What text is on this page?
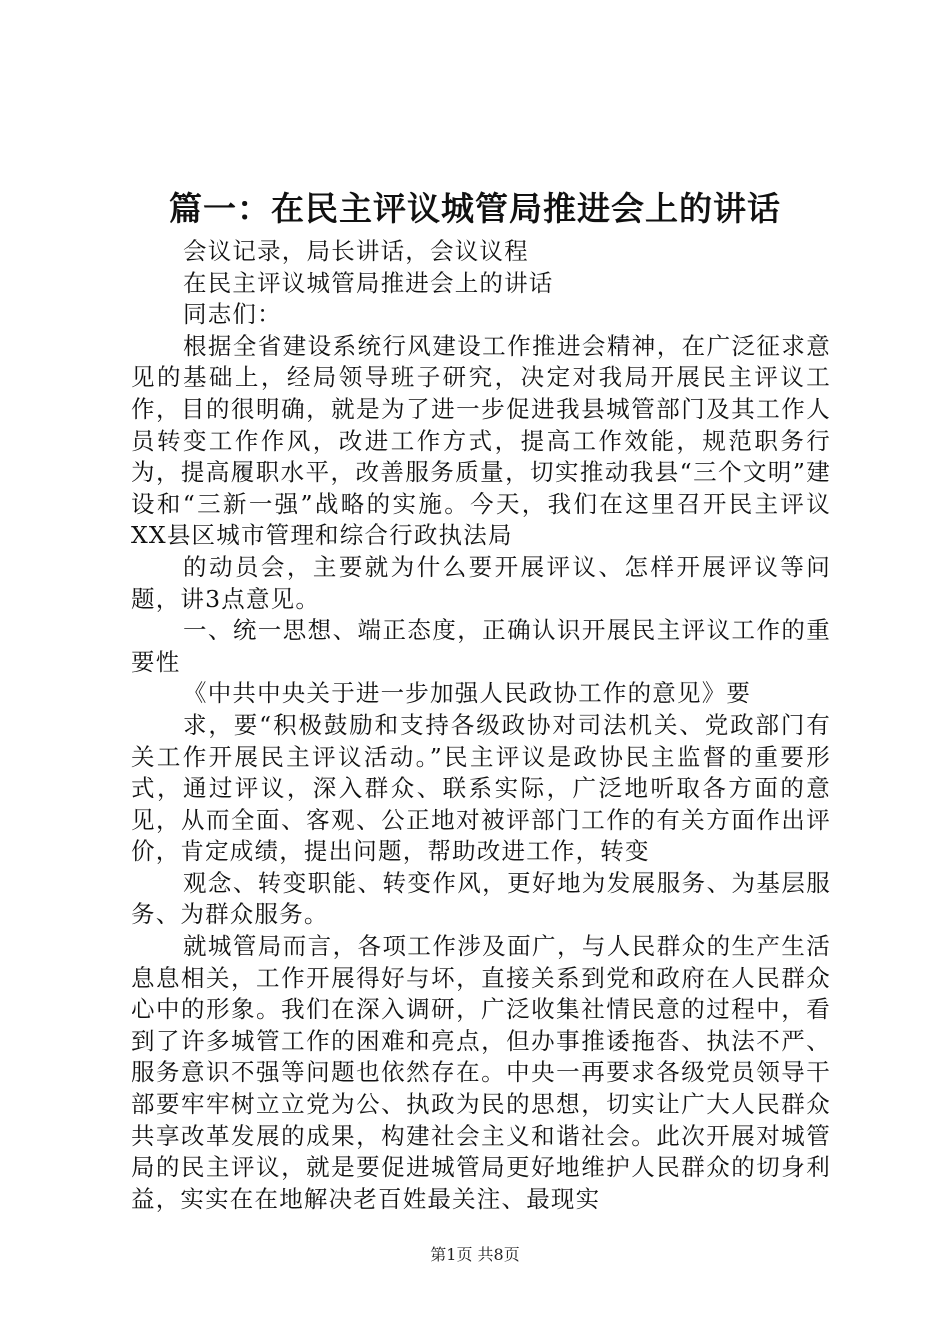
篇一：在民主评议城管局推进会上的讲话

会议记录，局长讲话，会议议程

在民主评议城管局推进会上的讲话

同志们：

根据全省建设系统行风建设工作推进会精神，在广泛征求意见的基础上，经局领导班子研究，决定对我局开展民主评议工作，目的很明确，就是为了进一步促进我县城管部门及其工作人员转变工作作风，改进工作方式，提高工作效能，规范职务行为，提高履职水平，改善服务质量，切实推动我县“三个文明”建设和“三新一强”战略的实施。今天，我们在这里召开民主评议XX县区城市管理和综合行政执法局

的动员会，主要就为什么要开展评议、怎样开展评议等问题，讲3点意见。

一、统一思想、端正态度，正确认识开展民主评议工作的重要性

《中共中央关于进一步加强人民政协工作的意见》要

求，要“积极鼓励和支持各级政协对司法机关、党政部门有关工作开展民主评议活动。”民主评议是政协民主监督的重要形式，通过评议，深入群众、联系实际，广泛地听取各方面的意见，从而全面、客观、公正地对被评部门工作的有关方面作出评价，肯定成绩，提出问题，帮助改进工作，转变

观念、转变职能、转变作风，更好地为发展服务、为基层服务、为群众服务。

就城管局而言，各项工作涉及面广，与人民群众的生产生活息息相关，工作开展得好与坏，直接关系到党和政府在人民群众心中的形象。我们在深入调研，广泛收集社情民意的过程中，看到了许多城管工作的困难和亮点，但办事推诿拖沓、执法不严、服务意识不强等问题也依然存在。中央一再要求各级党员领导干部要牢牢树立立党为公、执政为民的思想，切实让广大人民群众共享改革发展的成果，构建社会主义和谐社会。此次开展对城管局的民主评议，就是要促进城管局更好地维护人民群众的切身利益，实实在在地解决老百姓最关注、最现实

第1页 共8页
